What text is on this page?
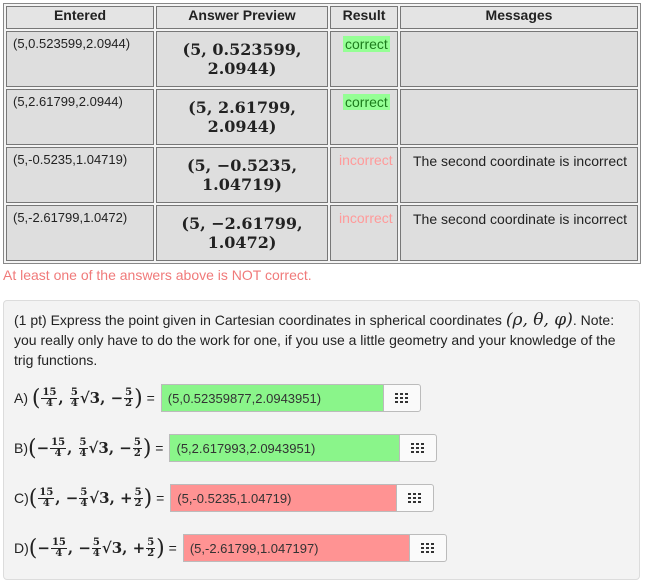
Entered	Answer Preview	Result	Messages
(5,0.523599,2.0944)	(5, 0.523599, 2.0944)	correct	
(5,2.61799,2.0944)	(5, 2.61799, 2.0944)	correct	
(5,-0.5235,1.04719)	(5, −0.5235, 1.04719)	incorrect	The second coordinate is incorrect
(5,-2.61799,1.0472)	(5, −2.61799, 1.0472)	incorrect	The second coordinate is incorrect
At least one of the answers above is NOT correct.
(1 pt) Express the point given in Cartesian coordinates in spherical coordinates (ρ, θ, φ). Note: you really only have to do the work for one, if you use a little geometry and your knowledge of the trig functions.
A)
( $\frac{15}{4}$ , $\frac{5}{4} √3$ , − $\frac{5}{2}$ )
=	(5,0.52359877,2.0943951)
B) ( − $\frac{15}{4}$ , $\frac{5}{4} √3$ , − $\frac{5}{2}$ )
=	(5,2.617993,2.0943951)
C) ( $\frac{15}{4}$ , − $\frac{5}{4} √3$ , + $\frac{5}{2}$ )
=	(5,-0.5235,1.04719)
D) ( − $\frac{15}{4}$ , − $\frac{5}{4} √3$ , + $\frac{5}{2}$ )
=	(5,-2.61799,1.047197)
